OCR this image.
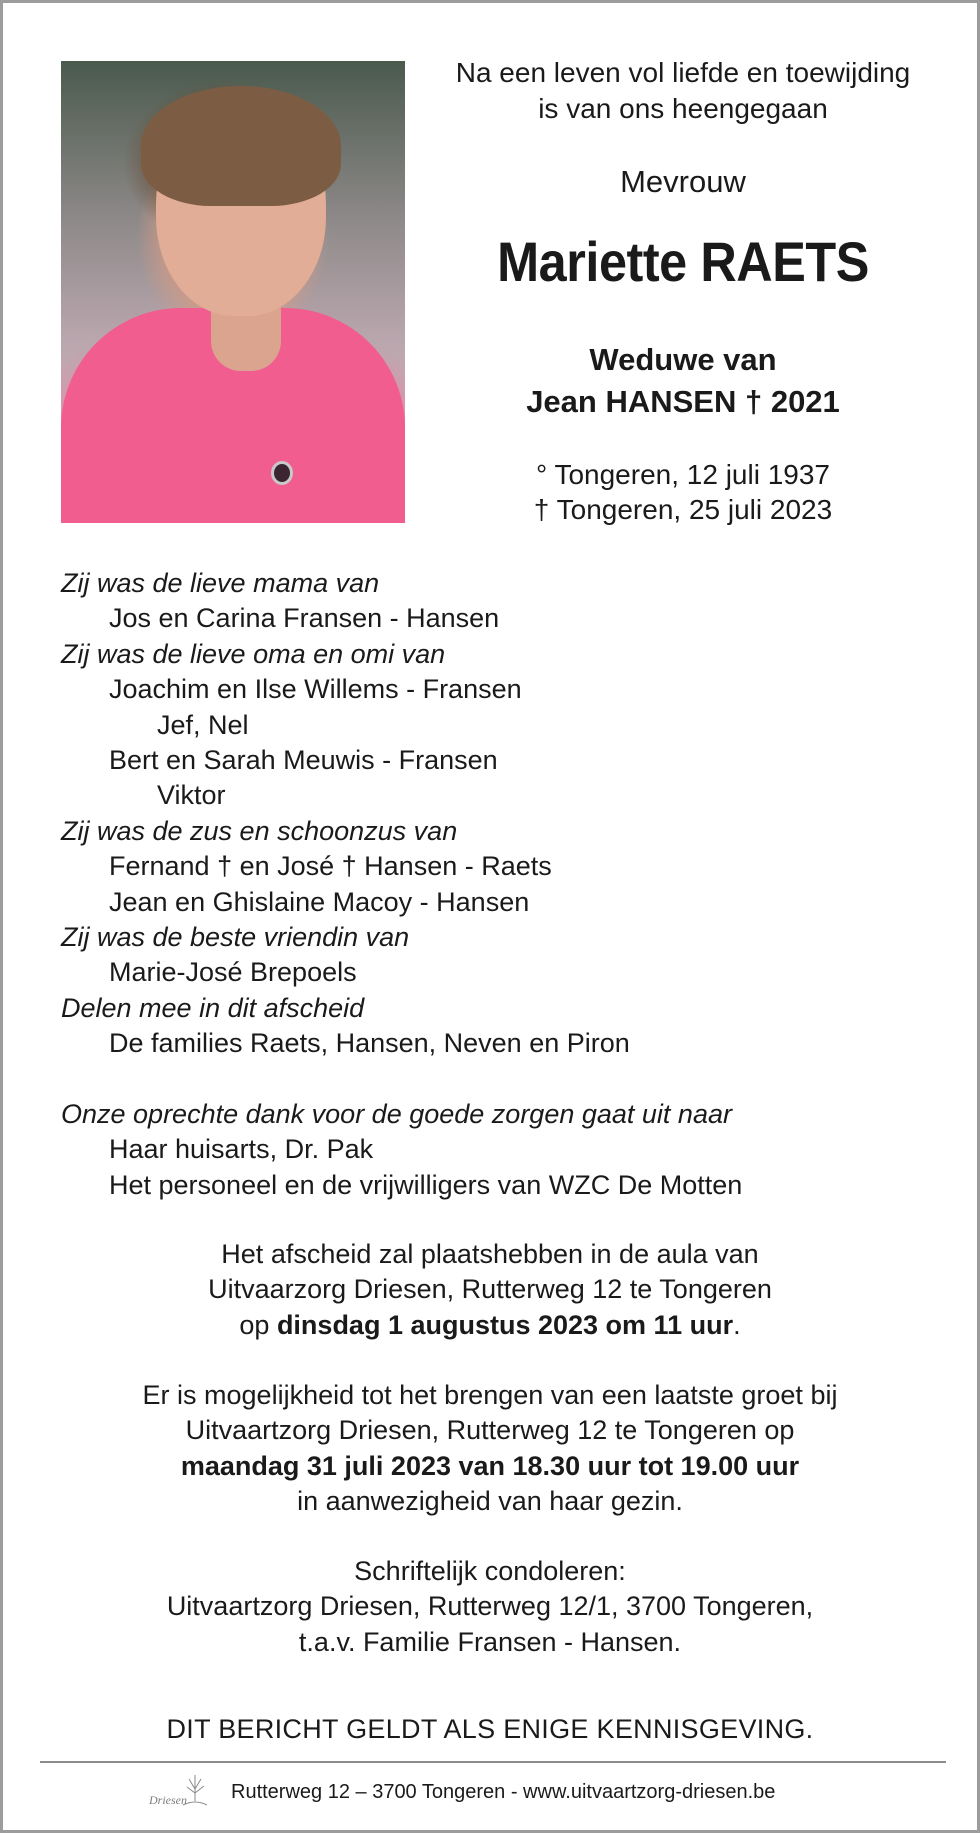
Na een leven vol liefde en toewijding
is van ons heengegaan
Mevrouw
Mariette RAETS
Weduwe van
Jean HANSEN † 2021
° Tongeren, 12 juli 1937
† Tongeren, 25 juli 2023
Zij was de lieve mama van
Jos en Carina Fransen - Hansen
Zij was de lieve oma en omi van
Joachim en Ilse Willems - Fransen
Jef, Nel
Bert en Sarah Meuwis - Fransen
Viktor
Zij was de zus en schoonzus van
Fernand † en José † Hansen - Raets
Jean en Ghislaine Macoy - Hansen
Zij was de beste vriendin van
Marie-José Brepoels
Delen mee in dit afscheid
De families Raets, Hansen, Neven en Piron
Onze oprechte dank voor de goede zorgen gaat uit naar
Haar huisarts, Dr. Pak
Het personeel en de vrijwilligers van WZC De Motten
Het afscheid zal plaatshebben in de aula van
Uitvaarzorg Driesen, Rutterweg 12 te Tongeren
op dinsdag 1 augustus 2023 om 11 uur.
Er is mogelijkheid tot het brengen van een laatste groet bij
Uitvaartzorg Driesen, Rutterweg 12 te Tongeren op
maandag 31 juli 2023 van 18.30 uur tot 19.00 uur
in aanwezigheid van haar gezin.
Schriftelijk condoleren:
Uitvaartzorg Driesen, Rutterweg 12/1, 3700 Tongeren,
t.a.v. Familie Fransen - Hansen.
DIT BERICHT GELDT ALS ENIGE KENNISGEVING.
Driesen Rutterweg 12 – 3700 Tongeren - www.uitvaartzorg-driesen.be
